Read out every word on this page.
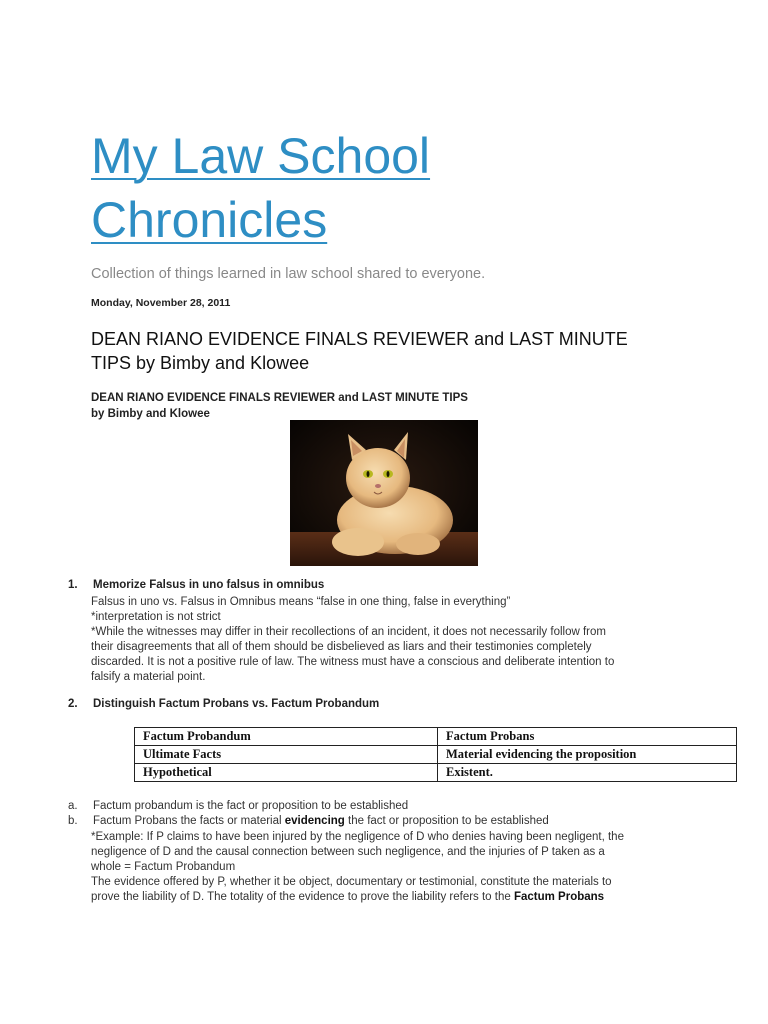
My Law School Chronicles

Collection of things learned in law school shared to everyone.

Monday, November 28, 2011

DEAN RIANO EVIDENCE FINALS REVIEWER and LAST MINUTE TIPS by Bimby and Klowee
DEAN RIANO EVIDENCE FINALS REVIEWER and LAST MINUTE TIPS
by Bimby and Klowee
1. Memorize Falsus in uno falsus in omnibus
Falsus in uno vs. Falsus in Omnibus means “false in one thing, false in everything”
*interpretation is not strict
*While the witnesses may differ in their recollections of an incident, it does not necessarily follow from
their disagreements that all of them should be disbelieved as liars and their testimonies completely
discarded. It is not a positive rule of law. The witness must have a conscious and deliberate intention to
falsify a material point.
2. Distinguish Factum Probans vs. Factum Probandum
Factum Probandum	Factum Probans
Ultimate Facts	Material evidencing the proposition
Hypothetical	Existent.
a. Factum probandum is the fact or proposition to be established
b. Factum Probans the facts or material evidencing the fact or proposition to be established
*Example: If P claims to have been injured by the negligence of D who denies having been negligent, the
negligence of D and the causal connection between such negligence, and the injuries of P taken as a
whole = Factum Probandum
The evidence offered by P, whether it be object, documentary or testimonial, constitute the materials to
prove the liability of D. The totality of the evidence to prove the liability refers to the Factum Probans
